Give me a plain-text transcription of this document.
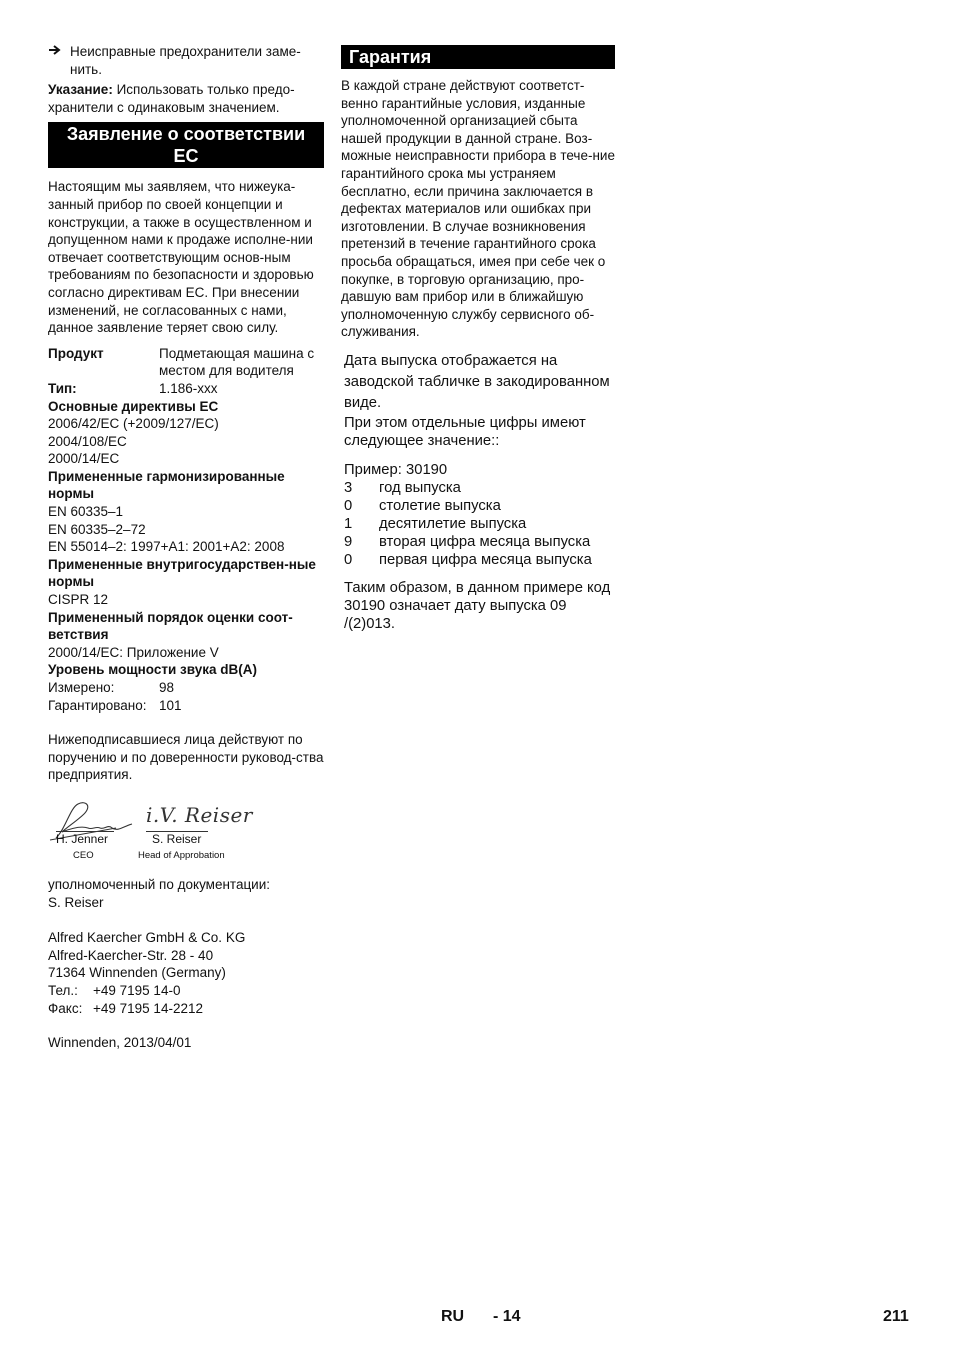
Неисправные предохранители заме-нить.

Указание: Использовать только предо-хранители с одинаковым значением.

Заявление о соответствии ЕС

Настоящим мы заявляем, что нижеука-занный прибор по своей концепции и конструкции, а также в осуществленном и допущенном нами к продаже исполне-нии отвечает соответствующим основ-ным требованиям по безопасности и здоровью согласно директивам ЕС. При внесении изменений, не согласованных с нами, данное заявление теряет свою силу.

Продукт	Подметающая машина с местом для водителя
Тип:	1.186-xxx

Основные директивы ЕС

2006/42/EC (+2009/127/EC)

2004/108/EC

2000/14/EC

Примененные гармонизированные нормы

EN 60335–1

EN 60335–2–72

EN 55014–2: 1997+A1: 2001+A2: 2008

Примененные внутригосударствен-ные нормы

CISPR 12

Примененный порядок оценки соот-ветствия

2000/14/EC: Приложение V

Уровень мощности звука dB(A)

Измерено:	98
Гарантировано: 101

Нижеподписавшиеся лица действуют по поручению и по доверенности руковод-ства предприятия.

i.V. Reiser
H. Jenner
CEO
S. Reiser
Head of Approbation

уполномоченный по документации:

S. Reiser

Alfred Kaercher GmbH & Co. KG

Alfred-Kaercher-Str. 28 - 40

71364 Winnenden (Germany)

Тел.:	+49 7195 14-0
Факс: +49 7195 14-2212

Winnenden, 2013/04/01

Гарантия

В каждой стране действуют соответст-венно гарантийные условия, изданные уполномоченной организацией сбыта нашей продукции в данной стране. Воз-можные неисправности прибора в тече-ние гарантийного срока мы устраняем бесплатно, если причина заключается в дефектах материалов или ошибках при изготовлении. В случае возникновения претензий в течение гарантийного срока просьба обращаться, имея при себе чек о покупке, в торговую организацию, про-давшую вам прибор или в ближайшую уполномоченную службу сервисного об-служивания.

Дата выпуска отображается на заводской табличке в закодированном виде.

При этом отдельные цифры имеют следующее значение::

Пример: 30190

3	год выпуска
0	столетие выпуска
1	десятилетие выпуска
9	вторая цифра месяца выпуска
0	первая цифра месяца выпуска

Таким образом, в данном примере код 30190 означает дату выпуска 09 /(2)013.

RU - 14	211
